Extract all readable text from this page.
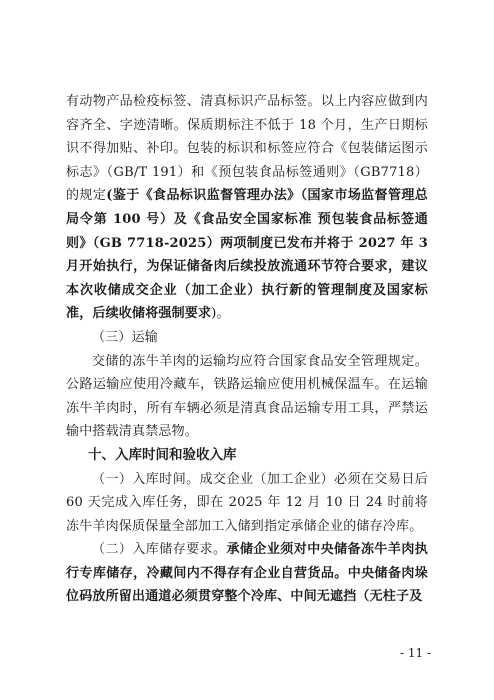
有动物产品检疫标签、清真标识产品标签。以上内容应做到内容齐全、字迹清晰。保质期标注不低于 18 个月，生产日期标识不得加贴、补印。包装的标识和标签应符合《包装储运图示标志》（GB/T 191）和《预包装食品标签通则》（GB7718）的规定(鉴于《食品标识监督管理办法》（国家市场监督管理总局令第 100 号）及《食品安全国家标准 预包装食品标签通则》（GB 7718-2025）两项制度已发布并将于 2027 年 3 月开始执行，为保证储备肉后续投放流通环节符合要求，建议本次收储成交企业（加工企业）执行新的管理制度及国家标准，后续收储将强制要求)。

（三）运输

交储的冻牛羊肉的运输均应符合国家食品安全管理规定。公路运输应使用冷藏车，铁路运输应使用机械保温车。在运输冻牛羊肉时，所有车辆必须是清真食品运输专用工具，严禁运输中搭载清真禁忌物。

十、入库时间和验收入库

（一）入库时间。成交企业（加工企业）必须在交易日后 60 天完成入库任务，即在 2025 年 12 月 10 日 24 时前将冻牛羊肉保质保量全部加工入储到指定承储企业的储存冷库。

（二）入库储存要求。承储企业须对中央储备冻牛羊肉执行专库储存，冷藏间内不得存有企业自营货品。中央储备肉垛位码放所留出通道必须贯穿整个冷库、中间无遮挡（无柱子及

- 11 -
